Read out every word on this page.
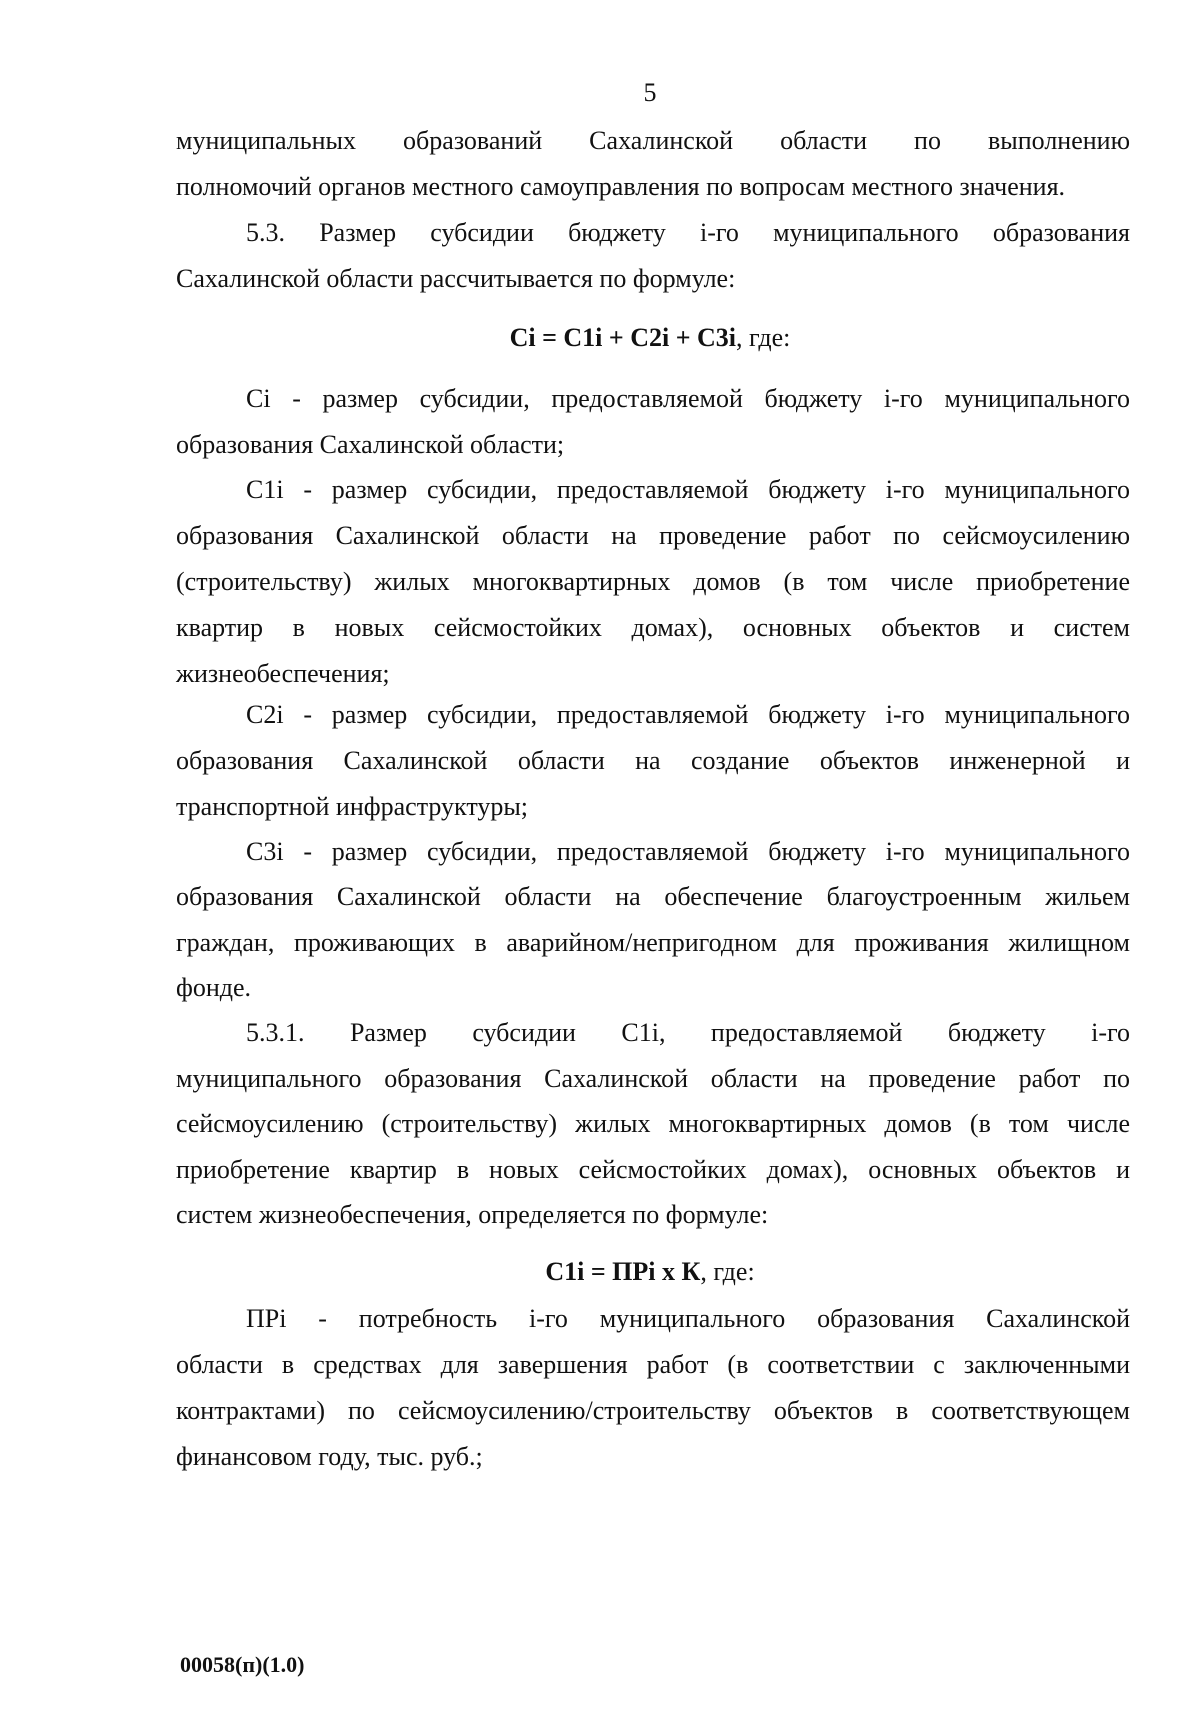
5
муниципальных образований Сахалинской области по выполнению
полномочий органов местного самоуправления по вопросам местного значения.
5.3. Размер субсидии бюджету i-го муниципального образования
Сахалинской области рассчитывается по формуле:
Ci = C1i + C2i + C3i, где:
Ci - размер субсидии, предоставляемой бюджету i-го муниципального
образования Сахалинской области;
C1i - размер субсидии, предоставляемой бюджету i-го муниципального
образования Сахалинской области на проведение работ по сейсмоусилению
(строительству) жилых многоквартирных домов (в том числе приобретение
квартир в новых сейсмостойких домах), основных объектов и систем
жизнеобеспечения;
C2i - размер субсидии, предоставляемой бюджету i-го муниципального
образования Сахалинской области на создание объектов инженерной и
транспортной инфраструктуры;
C3i - размер субсидии, предоставляемой бюджету i-го муниципального
образования Сахалинской области на обеспечение благоустроенным жильем
граждан, проживающих в аварийном/непригодном для проживания жилищном
фонде.
5.3.1. Размер субсидии C1i, предоставляемой бюджету i-го
муниципального образования Сахалинской области на проведение работ по
сейсмоусилению (строительству) жилых многоквартирных домов (в том числе
приобретение квартир в новых сейсмостойких домах), основных объектов и
систем жизнеобеспечения, определяется по формуле:
C1i = ПРi x К, где:
ПРi - потребность i-го муниципального образования Сахалинской
области в средствах для завершения работ (в соответствии с заключенными
контрактами) по сейсмоусилению/строительству объектов в соответствующем
финансовом году, тыс. руб.;
00058(п)(1.0)
